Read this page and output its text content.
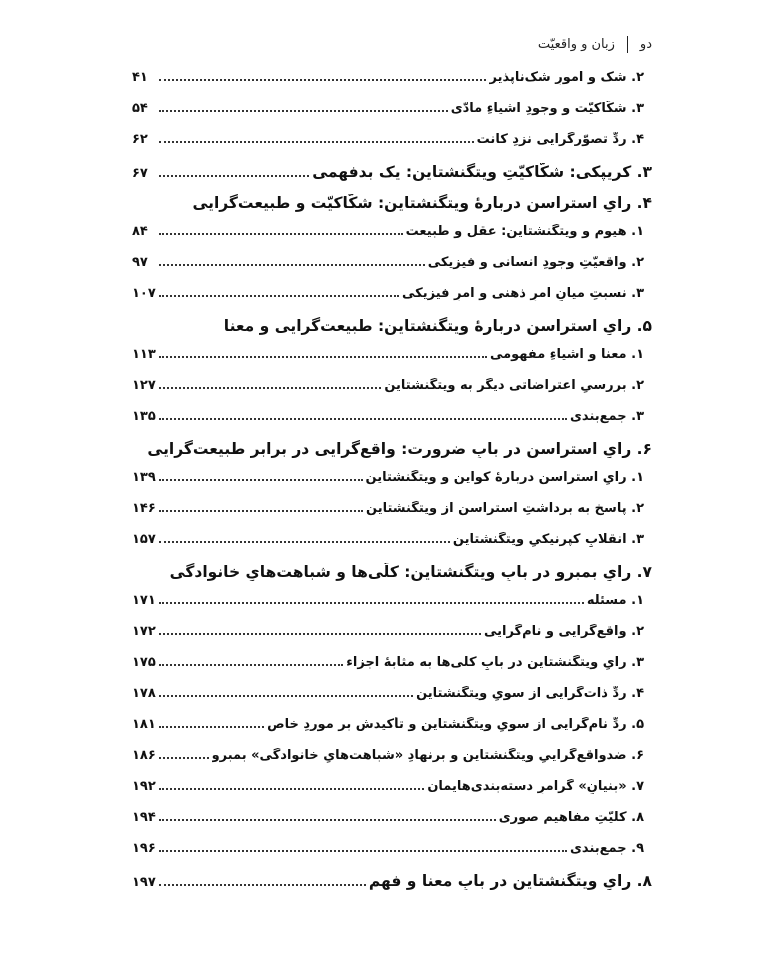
دو
زبان و واقعیّت
۲. شک و امورِ شک‌ناپذیر
۴۱
۳. شکّاکیّت و وجودِ اشیاءِ مادّی
۵۴
۴. ردِّ تصوّرگرایی نزدِ کانت
۶۲
۳. کریپکی: شکّاکیّتِ ویتگنشتاین: یک بدفهمی
۶۷
۴. رایِ استراسن دربارهٔ ویتگنشتاین: شکّاکیّت و طبیعت‌گرایی
۱. هیوم و ویتگنشتاین: عقل و طبیعت
۸۴
۲. واقعیّتِ وجودِ انسانی و فیزیکی
۹۷
۳. نسبتِ میانِ امرِ ذهنی و امرِ فیزیکی
۱۰۷
۵. رایِ استراسن دربارهٔ ویتگنشتاین: طبیعت‌گرایی و معنا
۱. معنا و اشیاءِ مفهومی
۱۱۳
۲. بررسیِ اعتراضاتی دیگر به ویتگنشتاین
۱۲۷
۳. جمع‌بندی
۱۳۵
۶. رایِ استراسن در بابِ ضرورت: واقع‌گرایی در برابرِ طبیعت‌گرایی
۱. رایِ استراسن دربارهٔ کواین و ویتگنشتاین
۱۳۹
۲. پاسخ به برداشتِ استراسن از ویتگنشتاین
۱۴۶
۳. انقلابِ کپرنیکیِ ویتگنشتاین
۱۵۷
۷. رایِ بمبرو در بابِ ویتگنشتاین: کلّی‌ها و شباهت‌هایِ خانوادگی
۱. مسئله
۱۷۱
۲. واقع‌گرایی و نام‌گرایی
۱۷۲
۳. رایِ ویتگنشتاین در بابِ کلّی‌ها به مثابهٔ اجزاء
۱۷۵
۴. ردِّ ذات‌گرایی از سویِ ویتگنشتاین
۱۷۸
۵. ردِّ نام‌گرایی از سویِ ویتگنشتاین و تأکیدش بر موردِ خاص
۱۸۱
۶. ضدواقع‌گراییِ ویتگنشتاین و برنهادِ «شباهت‌هایِ خانوادگی» بمبرو
۱۸۶
۷. «بنیانِ» گرامرِ دسته‌بندی‌هایمان
۱۹۲
۸. کلّیّتِ مفاهیمِ صوری
۱۹۴
۹. جمع‌بندی
۱۹۶
۸. رایِ ویتگنشتاین در بابِ معنا و فهم
۱۹۷
